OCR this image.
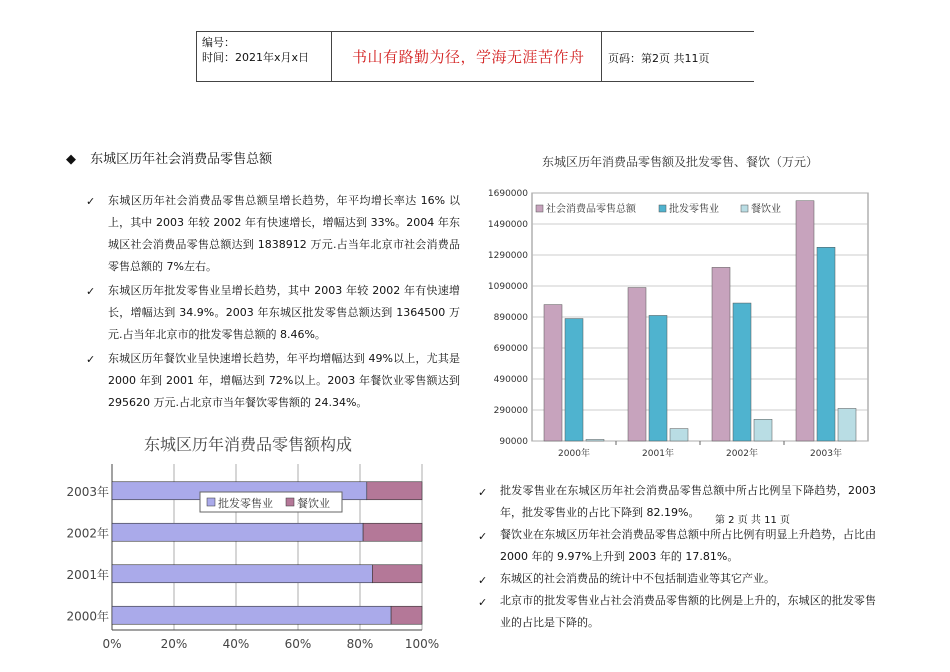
编号：
时间：2021年x月x日	书山有路勤为径，学海无涯苦作舟 页码：第2页 共11页
◆ 东城区历年社会消费品零售总额
✓ 东城区历年社会消费品零售总额呈增长趋势，年平均增长率达 16% 以上，其中 2003 年较 2002 年有快速增长，增幅达到 33%。2004 年东城区社会消费品零售总额达到 1838912 万元.占当年北京市社会消费品零售总额的 7%左右。
✓ 东城区历年批发零售业呈增长趋势，其中 2003 年较 2002 年有快速增长，增幅达到 34.9%。2003 年东城区批发零售总额达到 1364500 万元.占当年北京市的批发零售总额的 8.46%。
✓ 东城区历年餐饮业呈快速增长趋势，年平均增幅达到 49%以上，尤其是 2000 年到 2001 年，增幅达到 72%以上。2003 年餐饮业零售额达到 295620 万元.占北京市当年餐饮零售额的 24.34%。
东城区历年消费品零售额及批发零售、餐饮（万元）
1690000
1490000
1290000
1090000
890000
690000
490000
290000
90000
2000年	2001年	2002年	2003年
社会消费品零售总额	批发零售业	餐饮业
东城区历年消费品零售额构成
2003年
2002年
2001年
2000年
0%	20%	40%	60%	80%	100%
批发零售业 餐饮业
✓ 批发零售业在东城区历年社会消费品零售总额中所占比例呈下降趋势，2003 年，批发零售业的占比下降到 82.19%。
✓ 餐饮业在东城区历年社会消费品零售总额中所占比例有明显上升趋势，占比由 2000 年的 9.97%上升到 2003 年的 17.81%。
✓ 东城区的社会消费品的统计中不包括制造业等其它产业。
✓ 北京市的批发零售业占社会消费品零售额的比例是上升的，东城区的批发零售业的占比是下降的。
第 2 页 共 11 页
